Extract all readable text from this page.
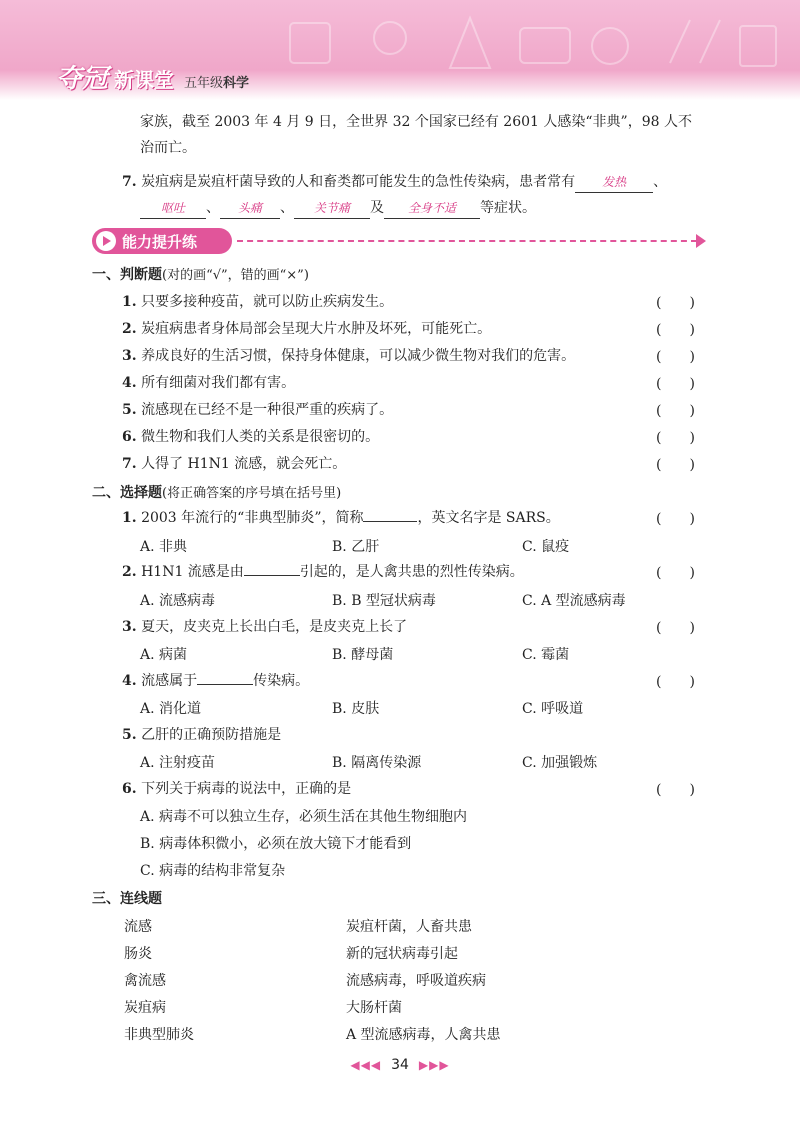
夺冠 新课堂 五年级科学
家族，截至 2003 年 4 月 9 日，全世界 32 个国家已经有 2601 人感染“非典”，98 人不
治而亡。
7. 炭疽病是炭疽杆菌导致的人和畜类都可能发生的急性传染病，患者常有 发热 、
呕吐 、 头痛 、 关节痛 及 全身不适 等症状。
能力提升练
一、判断题(对的画“√”，错的画“×”)
1. 只要多接种疫苗，就可以防止疾病发生。	(　　)
2. 炭疽病患者身体局部会呈现大片水肿及坏死，可能死亡。	(　　)
3. 养成良好的生活习惯，保持身体健康，可以减少微生物对我们的危害。	(　　)
4. 所有细菌对我们都有害。	(　　)
5. 流感现在已经不是一种很严重的疾病了。	(　　)
6. 微生物和我们人类的关系是很密切的。	(　　)
7. 人得了 H1N1 流感，就会死亡。	(　　)
二、选择题(将正确答案的序号填在括号里)
1. 2003 年流行的“非典型肺炎”，简称	，英文名字是 SARS。	(　　)
A. 非典	B. 乙肝	C. 鼠疫
2. H1N1 流感是由	引起的，是人禽共患的烈性传染病。	(　　)
A. 流感病毒	B. B 型冠状病毒	C. A 型流感病毒
3. 夏天，皮夹克上长出白毛，是皮夹克上长了	(　　)
A. 病菌	B. 酵母菌	C. 霉菌
4. 流感属于	传染病。	(　　)
A. 消化道	B. 皮肤	C. 呼吸道
5. 乙肝的正确预防措施是
A. 注射疫苗	B. 隔离传染源	C. 加强锻炼
6. 下列关于病毒的说法中，正确的是	(　　)
A. 病毒不可以独立生存，必须生活在其他生物细胞内
B. 病毒体积微小，必须在放大镜下才能看到
C. 病毒的结构非常复杂
三、连线题
流感	炭疽杆菌，人畜共患
肠炎	新的冠状病毒引起
禽流感	流感病毒，呼吸道疾病
炭疽病	大肠杆菌
非典型肺炎	A 型流感病毒，人禽共患
◀◀◀ 34 ▶▶▶
